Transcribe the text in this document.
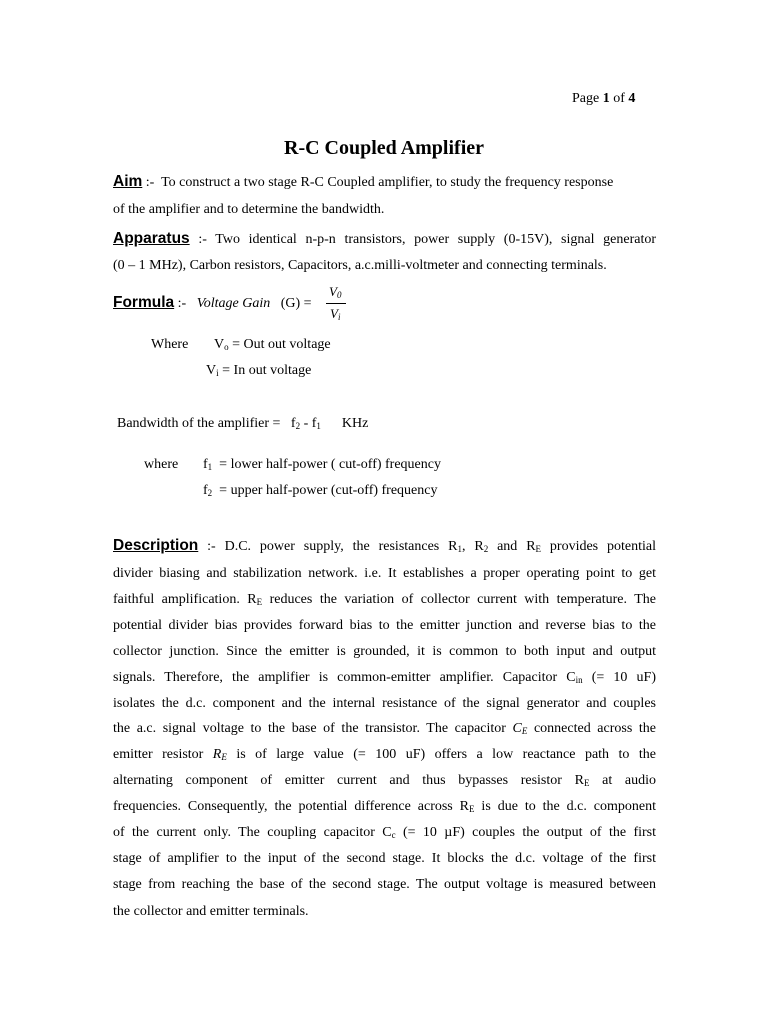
Page 1 of 4
R-C Coupled Amplifier
Aim :- To construct a two stage R-C Coupled amplifier, to study the frequency response
of the amplifier and to determine the bandwidth.
Apparatus :- Two identical n-p-n transistors, power supply (0-15V), signal generator
(0 – 1 MHz), Carbon resistors, Capacitors, a.c.milli-voltmeter and connecting terminals.
Formula :- Voltage Gain (G) =
$V_0$
$V_i$
Where $V_o$ = Out out voltage
$V_i = In$ out voltage
Bandwidth of the amplifier = $f_2 - f_1$ KHz
where $f_1$ = lower half-power ( cut-off) frequency
$f_2$ = upper half-power (cut-off) frequency
Description :- D.C. power supply, the resistances $R_1$, $R_2$ and $R_E$ provides potential
divider biasing and stabilization network. i.e. It establishes a proper operating point to get
faithful amplification. $R_E$ reduces the variation of collector current with temperature. The
potential divider bias provides forward bias to the emitter junction and reverse bias to the
collector junction. Since the emitter is grounded, it is common to both input and output
signals. Therefore, the amplifier is common-emitter amplifier. Capacitor $C_{in}$ (= 10 uF)
isolates the d.c. component and the internal resistance of the signal generator and couples
the a.c. signal voltage to the base of the transistor. The capacitor $C_E$ connected across the
emitter resistor $R_E$ is of large value (= 100 uF) offers a low reactance path to the
alternating component of emitter current and thus bypasses resistor $R_E$ at audio
frequencies. Consequently, the potential difference across $R_E$ is due to the d.c. component
of the current only. The coupling capacitor $C_c$ (= 10 µF) couples the output of the first
stage of amplifier to the input of the second stage. It blocks the d.c. voltage of the first
stage from reaching the base of the second stage. The output voltage is measured between
the collector and emitter terminals.
